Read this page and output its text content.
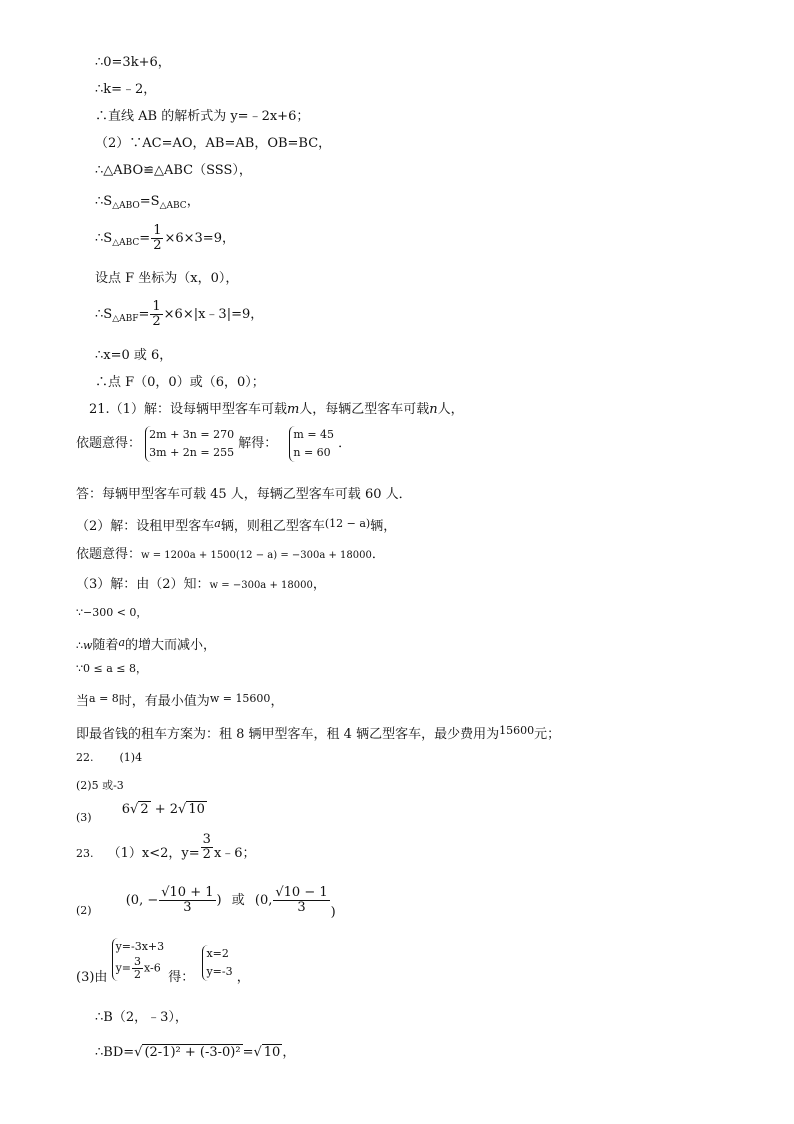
∴0=3k+6，
∴k=﹣2，
∴直线 AB 的解析式为 y=﹣2x+6；
（2）∵AC=AO，AB=AB，OB=BC，
∴△ABO≌△ABC（SSS），
$\therefore S_{\triangle ABO}=S_{\triangle ABC}$，
$\therefore S_{\triangle ABC}= \frac{1}{2} \times 6\times 3=9$，
设点 F 坐标为（x，0），
$\therefore S_{\triangle ABF}= \frac{1}{2}$ ×6×|x﹣3|=9，
∴x=0 或 6，
∴点 F（0，0）或（6，0）；
21.（1）解：设每辆甲型客车可载m人，每辆乙型客车可载n人，
依题意得：
2m + 3n = 270
3m + 2n = 255
解得：
m = 45
n = 60
．
答：每辆甲型客车可载 45 人，每辆乙型客车可载 60 人．
（2）解：设租甲型客车$^a$辆，则租乙型客车$^{(12 - a)}$辆，
依题意得：w = 1200a + 1500(12 − a) = −300a + 18000．
（3）解：由（2）知：w = −300a + 18000，
∵−300 < 0，
∴w随着$^a$的增大而减小，
∵0 ≤ a ≤ 8，
当$^{a = 8}$时，有最小值为$^{w = 15600}$，
即最省钱的租车方案为：租 8 辆甲型客车，租 4 辆乙型客车，最少费用为$^{15600}$元；
22. (1)4
(2)5 或-3
(3) 6√ 2 + 2√ 10
$_{23.}$ （1）x<2，$y= \frac{3}{2}$ x﹣6；
$_{(2)}$ (0, − $\frac{√10 + 1}{3}$ ) 或 (0, $\frac{√10 - 1}{3}$ )
(3)由
y=-3x+3
$y= \frac{3}{2} x-6$
得：
x=2
y=-3 ，
∴B（2，﹣3），
∴BD=√ (2-1)² + (-3-0)² =√ 10 ，
